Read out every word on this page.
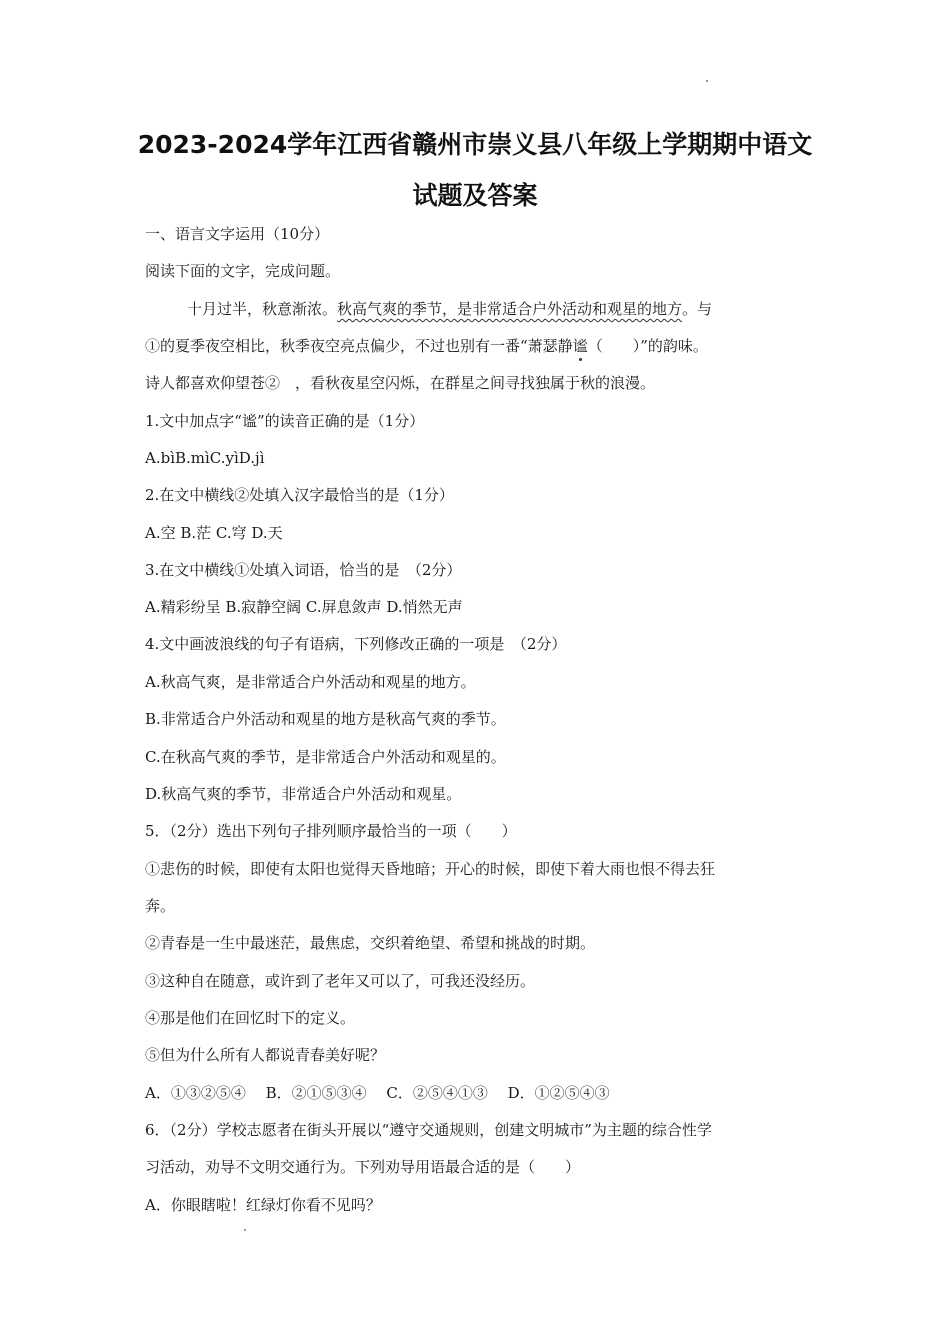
2023-2024学年江西省赣州市崇义县八年级上学期期中语文
试题及答案
一、语言文字运用（10分）
阅读下面的文字，完成问题。
十月过半，秋意渐浓。秋高气爽的季节，是非常适合户外活动和观星的地方。与
①的夏季夜空相比，秋季夜空亮点偏少，不过也别有一番“萧瑟静谧（　　）”的韵味。
诗人都喜欢仰望苍②　，看秋夜星空闪烁，在群星之间寻找独属于秋的浪漫。
1.文中加点字“谧”的读音正确的是（1分）
A.bìB.mìC.yìD.jì
2.在文中横线②处填入汉字最恰当的是（1分）
A.空 B.茫 C.穹 D.天
3.在文中横线①处填入词语，恰当的是　（2分）
A.精彩纷呈 B.寂静空阔 C.屏息敛声 D.悄然无声
4.文中画波浪线的句子有语病，下列修改正确的一项是　（2分）
A.秋高气爽，是非常适合户外活动和观星的地方。
B.非常适合户外活动和观星的地方是秋高气爽的季节。
C.在秋高气爽的季节，是非常适合户外活动和观星的。
D.秋高气爽的季节，非常适合户外活动和观星。
5．（2分）选出下列句子排列顺序最恰当的一项（　　）
①悲伤的时候，即使有太阳也觉得天昏地暗；开心的时候，即使下着大雨也恨不得去狂
奔。
②青春是一生中最迷茫，最焦虑，交织着绝望、希望和挑战的时期。
③这种自在随意，或许到了老年又可以了，可我还没经历。
④那是他们在回忆时下的定义。
⑤但为什么所有人都说青春美好呢？
A．①③②⑤④　 B．②①⑤③④　 C．②⑤④①③　 D．①②⑤④③
6．（2分）学校志愿者在街头开展以“遵守交通规则，创建文明城市”为主题的综合性学
习活动，劝导不文明交通行为。下列劝导用语最合适的是（　　）
A．你眼瞎啦！红绿灯你看不见吗？
